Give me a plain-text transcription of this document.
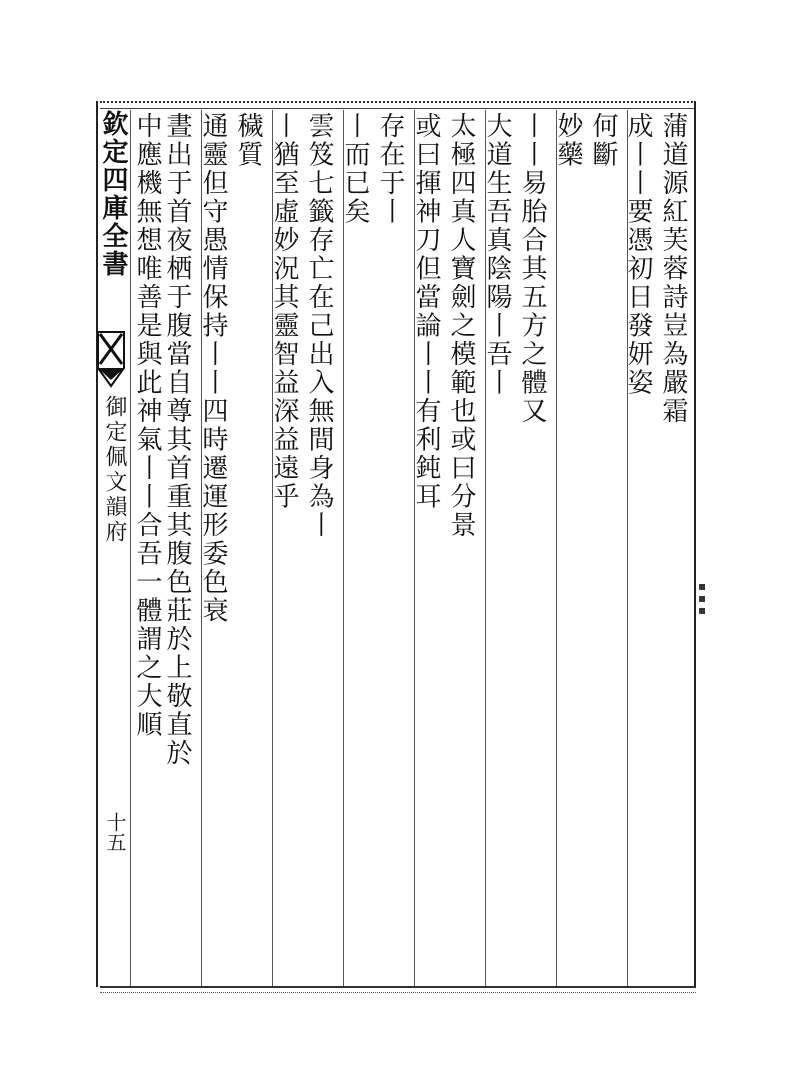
欽定四庫全書
御定佩文韻府
十五
▪
▪
▪
蒲道源紅芙蓉詩豈為嚴霜
成丨丨要憑初日發妍姿
何斷
妙藥
丨丨易胎合其五方之體又
大道生吾真陰陽丨吾丨
太極四真人寶劍之模範也或曰分景
或曰揮神刀但當論丨丨有利鈍耳
存在于丨
丨而已矣
雲笈七籤存亡在己出入無間身為丨
丨猶至虛妙況其靈智益深益遠乎
穢質
通靈但守愚情保持丨丨四時遷運形委色衰
晝出于首夜栖于腹當自尊其首重其腹色莊於上敬直於
中應機無想唯善是與此神氣丨丨合吾一體謂之大順
